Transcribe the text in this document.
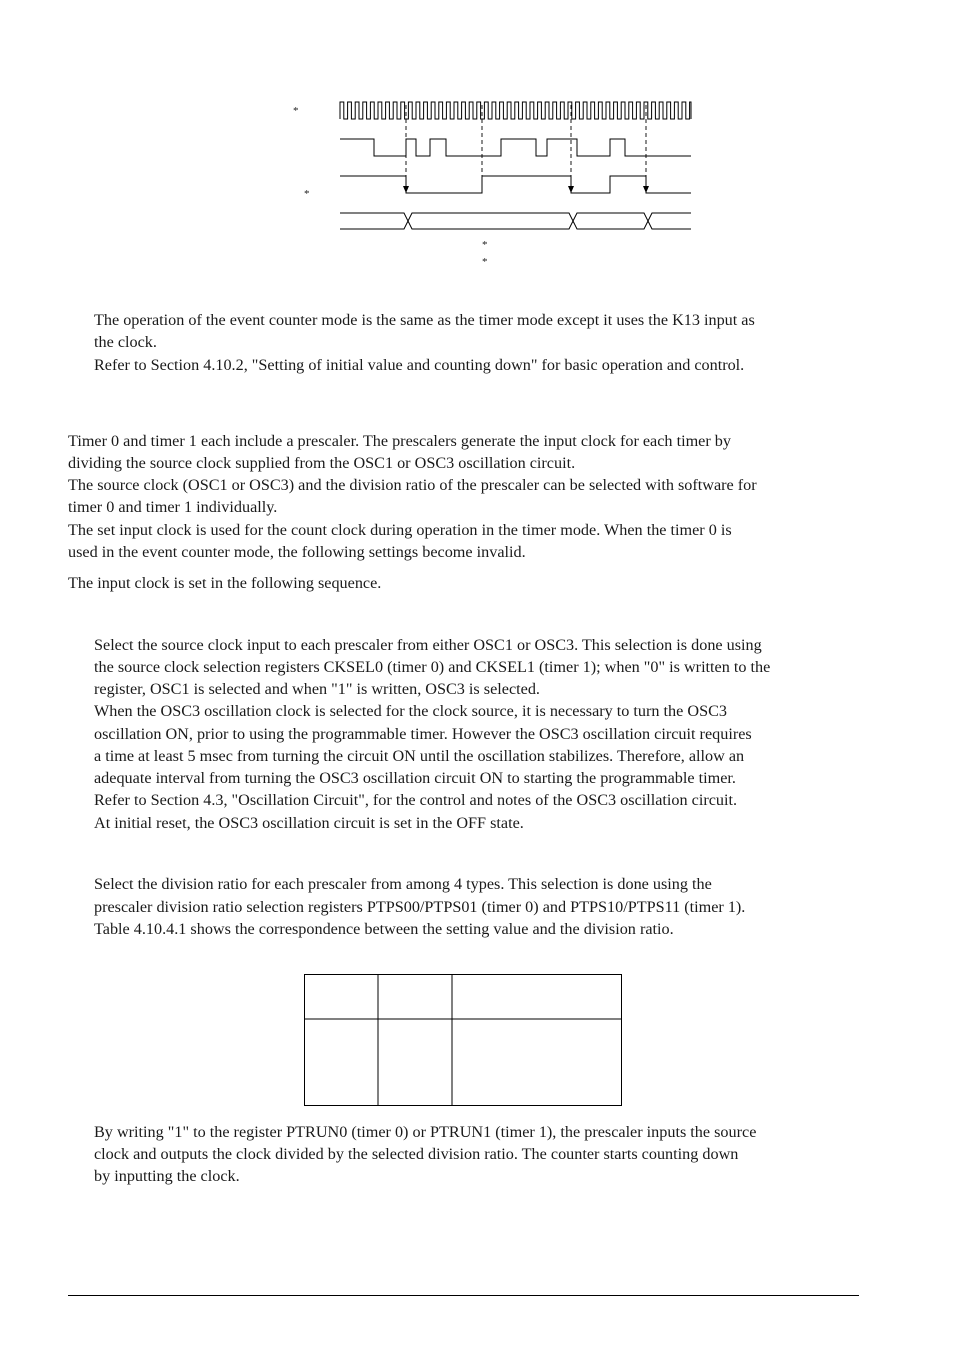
*
*
*
*

The operation of the event counter mode is the same as the timer mode except it uses the K13 input as

the clock.

Refer to Section 4.10.2, "Setting of initial value and counting down" for basic operation and control.

Timer 0 and timer 1 each include a prescaler. The prescalers generate the input clock for each timer by

dividing the source clock supplied from the OSC1 or OSC3 oscillation circuit.

The source clock (OSC1 or OSC3) and the division ratio of the prescaler can be selected with software for

timer 0 and timer 1 individually.

The set input clock is used for the count clock during operation in the timer mode. When the timer 0 is

used in the event counter mode, the following settings become invalid.

The input clock is set in the following sequence.

Select the source clock input to each prescaler from either OSC1 or OSC3. This selection is done using

the source clock selection registers CKSEL0 (timer 0) and CKSEL1 (timer 1); when "0" is written to the

register, OSC1 is selected and when "1" is written, OSC3 is selected.

When the OSC3 oscillation clock is selected for the clock source, it is necessary to turn the OSC3

oscillation ON, prior to using the programmable timer. However the OSC3 oscillation circuit requires

a time at least 5 msec from turning the circuit ON until the oscillation stabilizes. Therefore, allow an

adequate interval from turning the OSC3 oscillation circuit ON to starting the programmable timer.

Refer to Section 4.3, "Oscillation Circuit", for the control and notes of the OSC3 oscillation circuit.

At initial reset, the OSC3 oscillation circuit is set in the OFF state.

Select the division ratio for each prescaler from among 4 types. This selection is done using the

prescaler division ratio selection registers PTPS00/PTPS01 (timer 0) and PTPS10/PTPS11 (timer 1).

Table 4.10.4.1 shows the correspondence between the setting value and the division ratio.

By writing "1" to the register PTRUN0 (timer 0) or PTRUN1 (timer 1), the prescaler inputs the source

clock and outputs the clock divided by the selected division ratio. The counter starts counting down

by inputting the clock.
